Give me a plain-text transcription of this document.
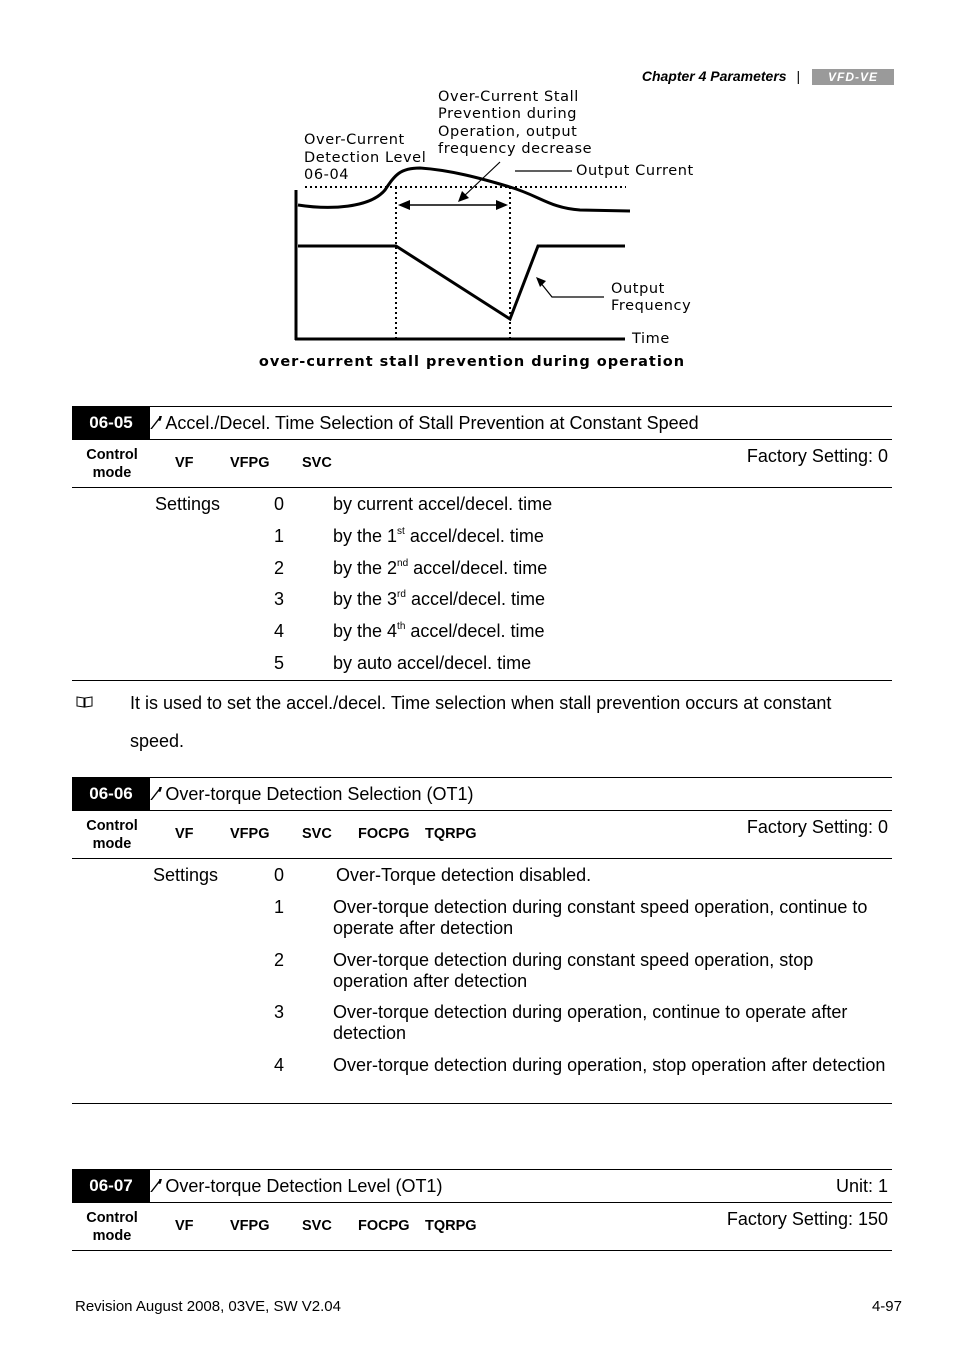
Chapter 4 Parameters | VFD-VE
Over-Current
Detection Level
06-04
Over-Current Stall
Prevention during
Operation, output
frequency decrease
Output Current
Output
Frequency
Time
over-current stall prevention during operation
06-05	∕′ Accel./Decel. Time Selection of Stall Prevention at Constant Speed
Control mode
VF	VFPG SVC	Factory Setting: 0
Settings	0	by current accel/decel. time
1	by the 1st accel/decel. time
2	by the 2nd accel/decel. time
3	by the 3rd accel/decel. time
4	by the 4th accel/decel. time
5	by auto accel/decel. time
It is used to set the accel./decel. Time selection when stall prevention occurs at constant
speed.
06-06	∕′ Over-torque Detection Selection (OT1)
Control mode
VF	VFPG SVC FOCPG TQRPG	Factory Setting: 0
Settings	0	Over-Torque detection disabled.
1	Over-torque detection during constant speed operation, continue to operate after detection
2	Over-torque detection during constant speed operation, stop operation after detection
3	Over-torque detection during operation, continue to operate after detection
4	Over-torque detection during operation, stop operation after detection
06-07	∕′ Over-torque Detection Level (OT1)	Unit: 1
Control mode
VF	VFPG SVC FOCPG TQRPG	Factory Setting: 150
Revision August 2008, 03VE, SW V2.04	4-97
